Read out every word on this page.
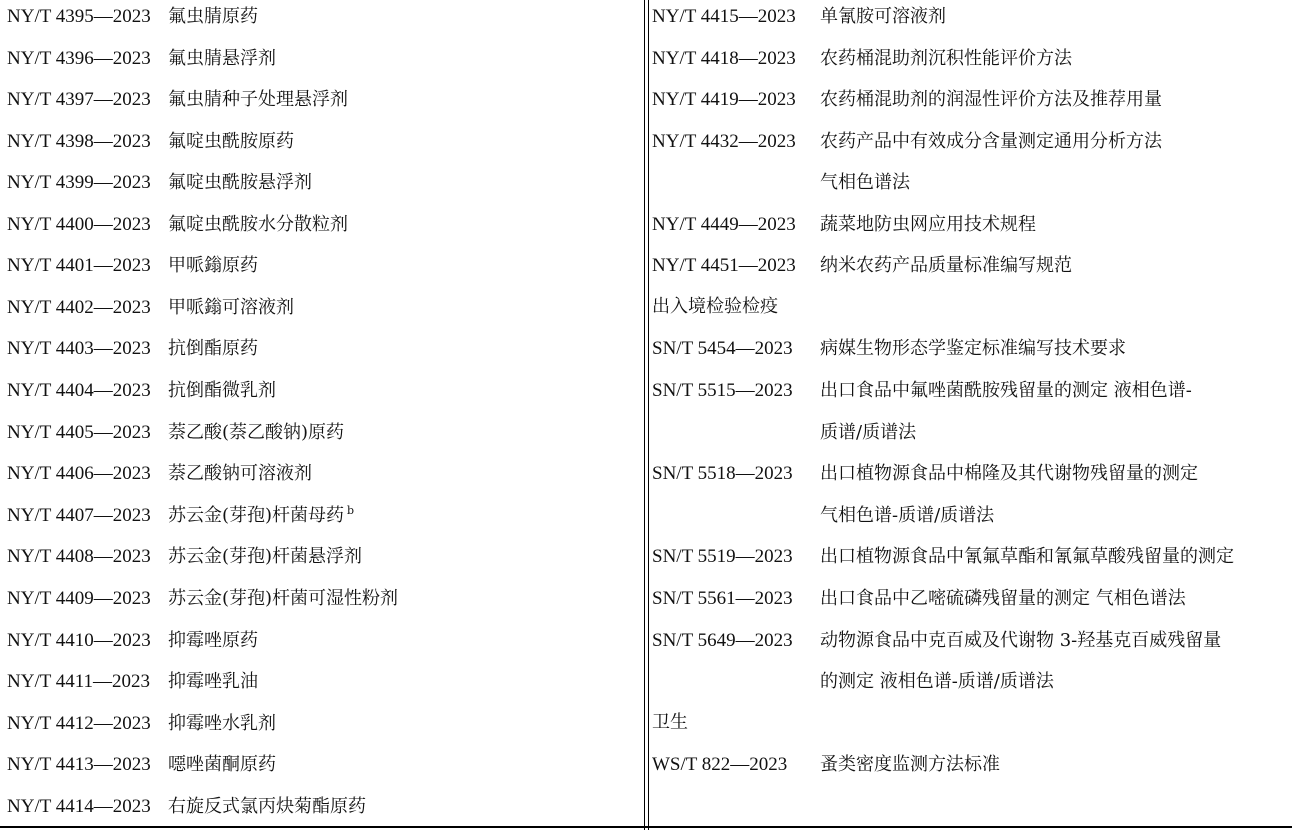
NY/T 4395—2023 氟虫腈原药
NY/T 4396—2023 氟虫腈悬浮剂
NY/T 4397—2023 氟虫腈种子处理悬浮剂
NY/T 4398—2023 氟啶虫酰胺原药
NY/T 4399—2023 氟啶虫酰胺悬浮剂
NY/T 4400—2023 氟啶虫酰胺水分散粒剂
NY/T 4401—2023 甲哌鎓原药
NY/T 4402—2023 甲哌鎓可溶液剂
NY/T 4403—2023 抗倒酯原药
NY/T 4404—2023 抗倒酯微乳剂
NY/T 4405—2023 萘乙酸(萘乙酸钠)原药
NY/T 4406—2023 萘乙酸钠可溶液剂
NY/T 4407—2023 苏云金(芽孢)杆菌母药 $^b$
NY/T 4408—2023 苏云金(芽孢)杆菌悬浮剂
NY/T 4409—2023 苏云金(芽孢)杆菌可湿性粉剂
NY/T 4410—2023 抑霉唑原药
NY/T 4411—2023 抑霉唑乳油
NY/T 4412—2023 抑霉唑水乳剂
NY/T 4413—2023 噁唑菌酮原药
NY/T 4414—2023 右旋反式氯丙炔菊酯原药
NY/T 4415—2023 单氰胺可溶液剂
NY/T 4418—2023 农药桶混助剂沉积性能评价方法
NY/T 4419—2023 农药桶混助剂的润湿性评价方法及推荐用量
NY/T 4432—2023 农药产品中有效成分含量测定通用分析方法
气相色谱法
NY/T 4449—2023 蔬菜地防虫网应用技术规程
NY/T 4451—2023 纳米农药产品质量标准编写规范
出入境检验检疫
SN/T 5454—2023 病媒生物形态学鉴定标准编写技术要求
SN/T 5515—2023 出口食品中氟唑菌酰胺残留量的测定 液相色谱-
质谱/质谱法
SN/T 5518—2023 出口植物源食品中棉隆及其代谢物残留量的测定
气相色谱-质谱/质谱法
SN/T 5519—2023 出口植物源食品中氰氟草酯和氰氟草酸残留量的测定
SN/T 5561—2023 出口食品中乙嘧硫磷残留量的测定 气相色谱法
SN/T 5649—2023 动物源食品中克百威及代谢物 3-羟基克百威残留量
的测定 液相色谱-质谱/质谱法
卫生
WS/T 822—2023 蚤类密度监测方法标准
